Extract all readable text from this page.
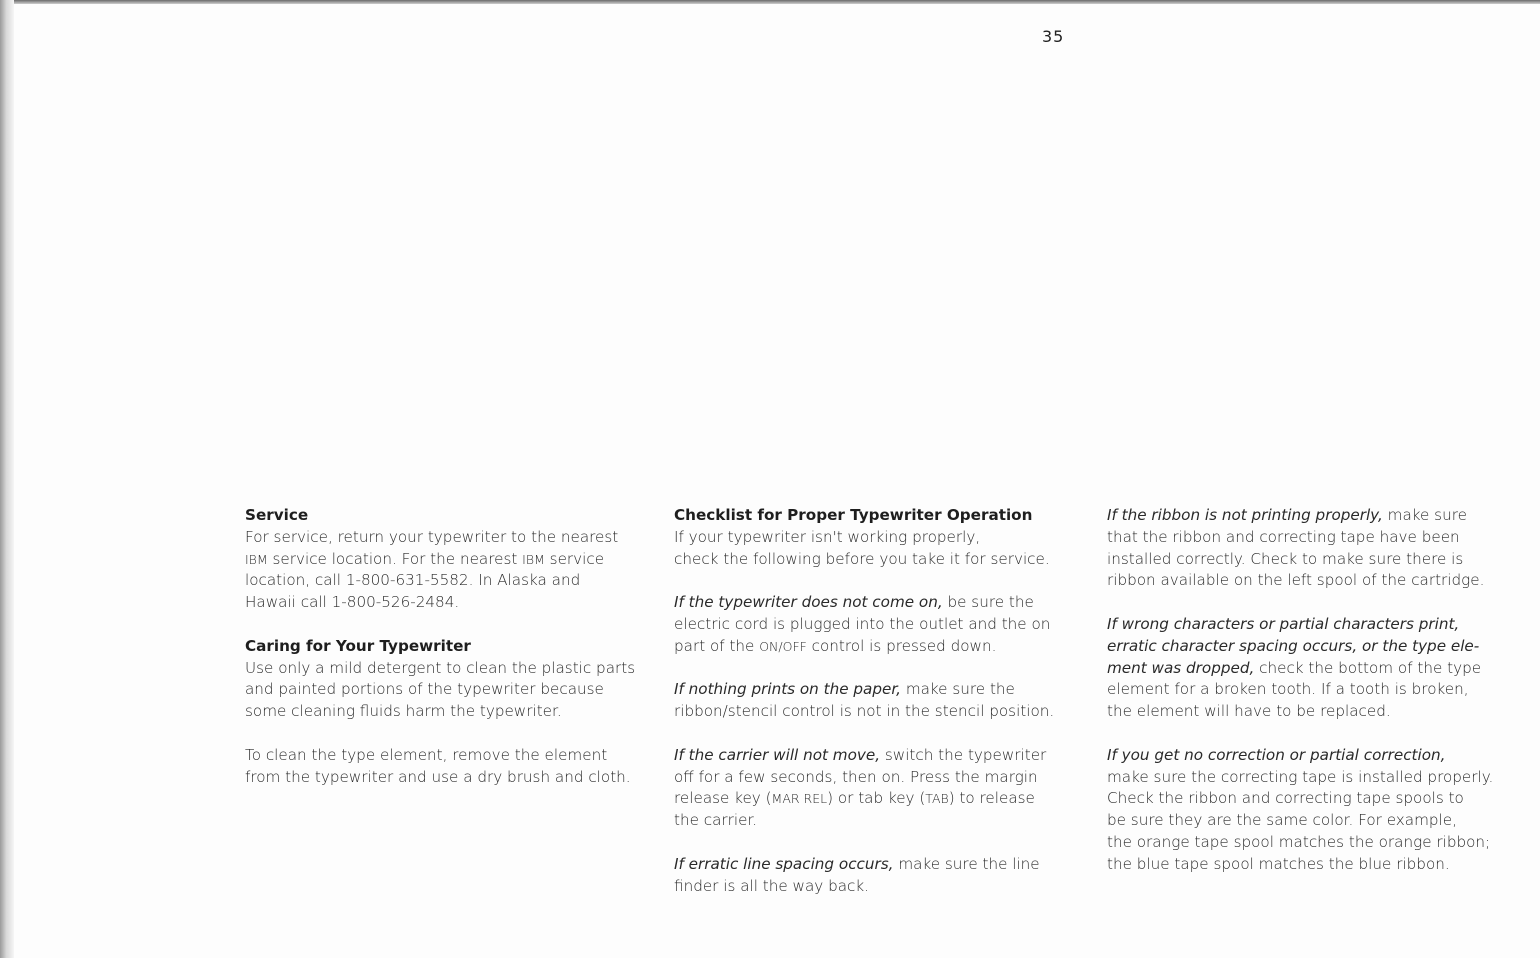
35
Service
For service, return your typewriter to the nearest
IBM service location. For the nearest IBM service
location, call 1-800-631-5582. In Alaska and
Hawaii call 1-800-526-2484.
Caring for Your Typewriter
Use only a mild detergent to clean the plastic parts
and painted portions of the typewriter because
some cleaning fluids harm the typewriter.
To clean the type element, remove the element
from the typewriter and use a dry brush and cloth.
Checklist for Proper Typewriter Operation
If your typewriter isn't working properly,
check the following before you take it for service.
If the typewriter does not come on, be sure the
electric cord is plugged into the outlet and the on
part of the ON/OFF control is pressed down.
If nothing prints on the paper, make sure the
ribbon/stencil control is not in the stencil position.
If the carrier will not move, switch the typewriter
off for a few seconds, then on. Press the margin
release key (MAR REL) or tab key (TAB) to release
the carrier.
If erratic line spacing occurs, make sure the line
finder is all the way back.
If the ribbon is not printing properly, make sure
that the ribbon and correcting tape have been
installed correctly. Check to make sure there is
ribbon available on the left spool of the cartridge.
If wrong characters or partial characters print,
erratic character spacing occurs, or the type ele-
ment was dropped, check the bottom of the type
element for a broken tooth. If a tooth is broken,
the element will have to be replaced.
If you get no correction or partial correction,
make sure the correcting tape is installed properly.
Check the ribbon and correcting tape spools to
be sure they are the same color. For example,
the orange tape spool matches the orange ribbon;
the blue tape spool matches the blue ribbon.
